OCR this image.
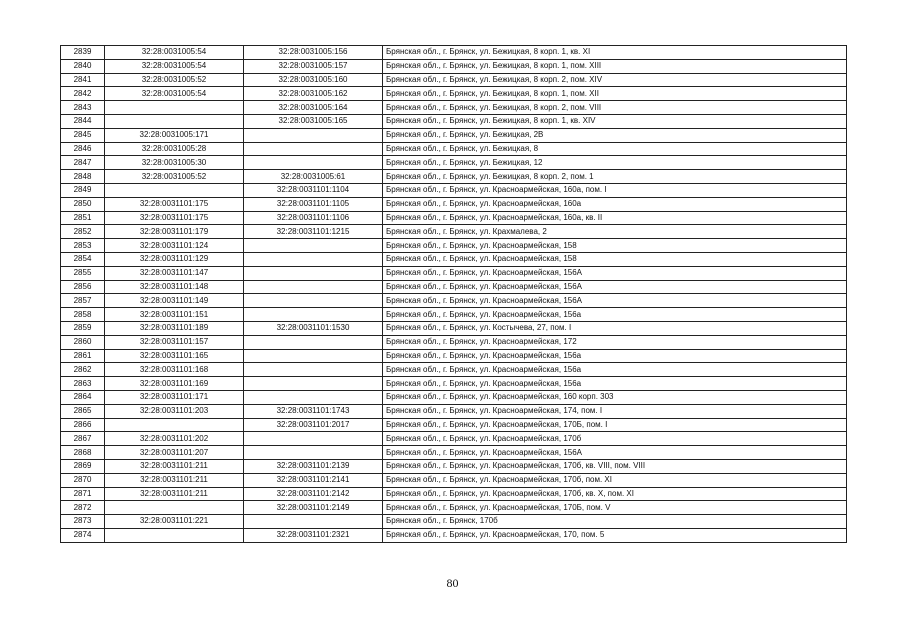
2839	32:28:0031005:54	32:28:0031005:156	Брянская обл., г. Брянск, ул. Бежицкая, 8 корп. 1, кв. XI
2840	32:28:0031005:54	32:28:0031005:157	Брянская обл., г. Брянск, ул. Бежицкая, 8 корп. 1, пом. XIII
2841	32:28:0031005:52	32:28:0031005:160	Брянская обл., г. Брянск, ул. Бежицкая, 8 корп. 2, пом. XIV
2842	32:28:0031005:54	32:28:0031005:162	Брянская обл., г. Брянск, ул. Бежицкая, 8 корп. 1, пом. XII
2843		32:28:0031005:164	Брянская обл., г. Брянск, ул. Бежицкая, 8 корп. 2, пом. VIII
2844		32:28:0031005:165	Брянская обл., г. Брянск, ул. Бежицкая, 8 корп. 1, кв. XIV
2845	32:28:0031005:171		Брянская обл., г. Брянск, ул. Бежицкая, 2В
2846	32:28:0031005:28		Брянская обл., г. Брянск, ул. Бежицкая, 8
2847	32:28:0031005:30		Брянская обл., г. Брянск, ул. Бежицкая, 12
2848	32:28:0031005:52	32:28:0031005:61	Брянская обл., г. Брянск, ул. Бежицкая, 8 корп. 2, пом. 1
2849		32:28:0031101:1104	Брянская обл., г. Брянск, ул. Красноармейская, 160а, пом. I
2850	32:28:0031101:175	32:28:0031101:1105	Брянская обл., г. Брянск, ул. Красноармейская, 160а
2851	32:28:0031101:175	32:28:0031101:1106	Брянская обл., г. Брянск, ул. Красноармейская, 160а, кв. II
2852	32:28:0031101:179	32:28:0031101:1215	Брянская обл., г. Брянск, ул. Крахмалева, 2
2853	32:28:0031101:124		Брянская обл., г. Брянск, ул. Красноармейская, 158
2854	32:28:0031101:129		Брянская обл., г. Брянск, ул. Красноармейская, 158
2855	32:28:0031101:147		Брянская обл., г. Брянск, ул. Красноармейская, 156А
2856	32:28:0031101:148		Брянская обл., г. Брянск, ул. Красноармейская, 156А
2857	32:28:0031101:149		Брянская обл., г. Брянск, ул. Красноармейская, 156А
2858	32:28:0031101:151		Брянская обл., г. Брянск, ул. Красноармейская, 156а
2859	32:28:0031101:189	32:28:0031101:1530	Брянская обл., г. Брянск, ул. Костычева, 27, пом. I
2860	32:28:0031101:157		Брянская обл., г. Брянск, ул. Красноармейская, 172
2861	32:28:0031101:165		Брянская обл., г. Брянск, ул. Красноармейская, 156а
2862	32:28:0031101:168		Брянская обл., г. Брянск, ул. Красноармейская, 156а
2863	32:28:0031101:169		Брянская обл., г. Брянск, ул. Красноармейская, 156а
2864	32:28:0031101:171		Брянская обл., г. Брянск, ул. Красноармейская, 160 корп. 303
2865	32:28:0031101:203	32:28:0031101:1743	Брянская обл., г. Брянск, ул. Красноармейская, 174, пом. I
2866		32:28:0031101:2017	Брянская обл., г. Брянск, ул. Красноармейская, 170Б, пом. I
2867	32:28:0031101:202		Брянская обл., г. Брянск, ул. Красноармейская, 170б
2868	32:28:0031101:207		Брянская обл., г. Брянск, ул. Красноармейская, 156А
2869	32:28:0031101:211	32:28:0031101:2139	Брянская обл., г. Брянск, ул. Красноармейская, 170б, кв. VIII, пом. VIII
2870	32:28:0031101:211	32:28:0031101:2141	Брянская обл., г. Брянск, ул. Красноармейская, 170б, пом. XI
2871	32:28:0031101:211	32:28:0031101:2142	Брянская обл., г. Брянск, ул. Красноармейская, 170б, кв. X, пом. XI
2872		32:28:0031101:2149	Брянская обл., г. Брянск, ул. Красноармейская, 170Б, пом. V
2873	32:28:0031101:221		Брянская обл., г. Брянск, 170б
2874		32:28:0031101:2321	Брянская обл., г. Брянск, ул. Красноармейская, 170, пом. 5
80
